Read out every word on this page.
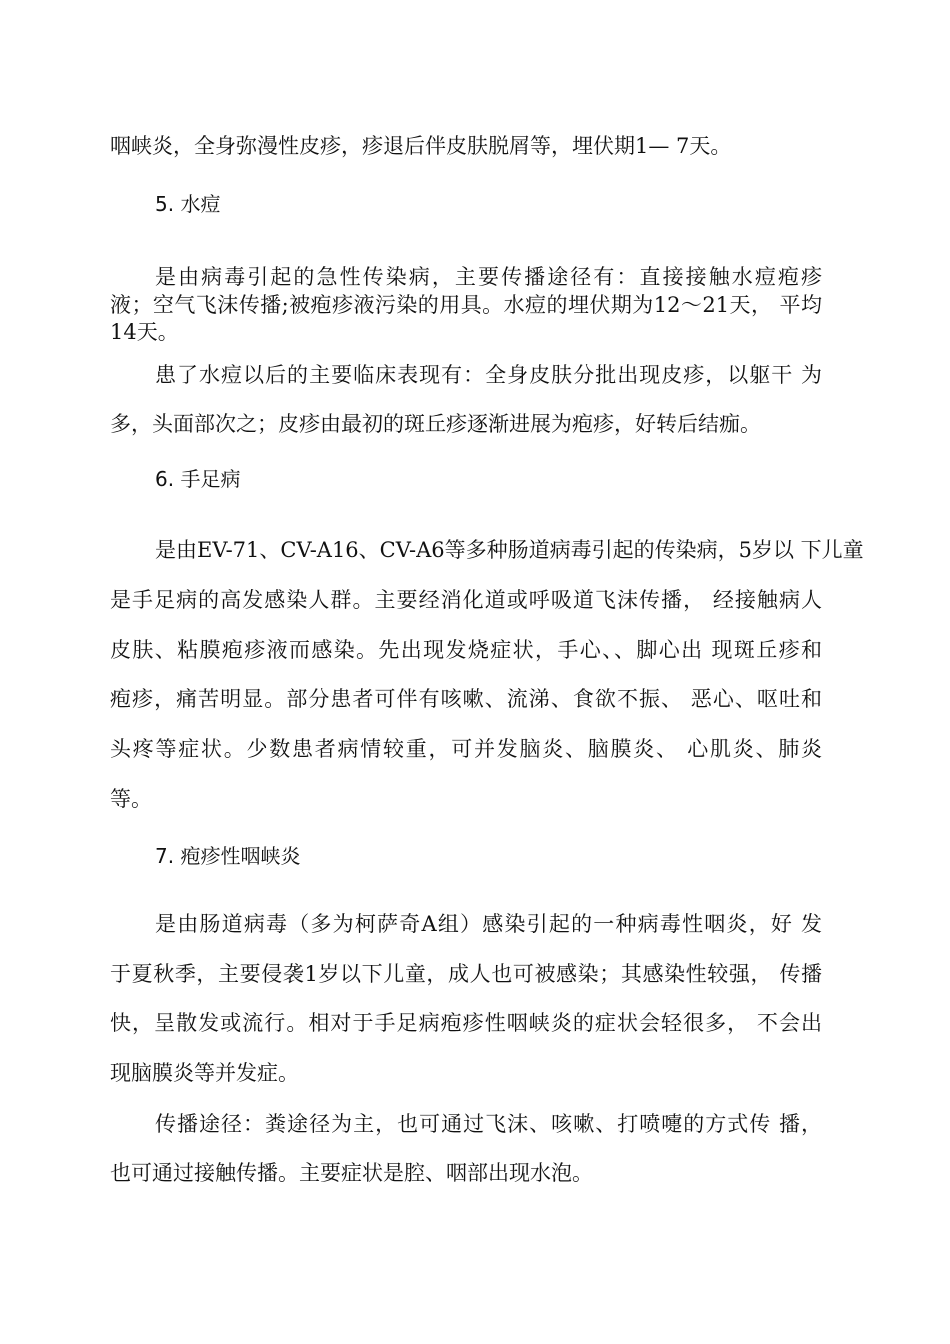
咽峡炎，全身弥漫性皮疹，疹退后伴皮肤脱屑等，埋伏期1— 7天。

5. 水痘

是由病毒引起的急性传染病，主要传播途径有：直接接触水痘疱疹

液；空气飞沫传播;被疱疹液污染的用具。水痘的埋伏期为12〜21天， 平均

14天。

患了水痘以后的主要临床表现有：全身皮肤分批出现皮疹，以躯干 为

多，头面部次之；皮疹由最初的斑丘疹逐渐进展为疱疹，好转后结痂。

6. 手足病

是由EV-71、CV-A16、CV-A6等多种肠道病毒引起的传染病，5岁以 下儿童

是手足病的高发感染人群。主要经消化道或呼吸道飞沫传播， 经接触病人

皮肤、粘膜疱疹液而感染。先出现发烧症状，手心、、脚心出 现斑丘疹和

疱疹，痛苦明显。部分患者可伴有咳嗽、流涕、食欲不振、 恶心、呕吐和

头疼等症状。少数患者病情较重，可并发脑炎、脑膜炎、 心肌炎、肺炎

等。

7. 疱疹性咽峡炎

是由肠道病毒（多为柯萨奇A组）感染引起的一种病毒性咽炎，好 发

于夏秋季，主要侵袭1岁以下儿童，成人也可被感染；其感染性较强， 传播

快，呈散发或流行。相对于手足病疱疹性咽峡炎的症状会轻很多， 不会出

现脑膜炎等并发症。

传播途径：粪途径为主，也可通过飞沫、咳嗽、打喷嚏的方式传 播，

也可通过接触传播。主要症状是腔、咽部出现水泡。
